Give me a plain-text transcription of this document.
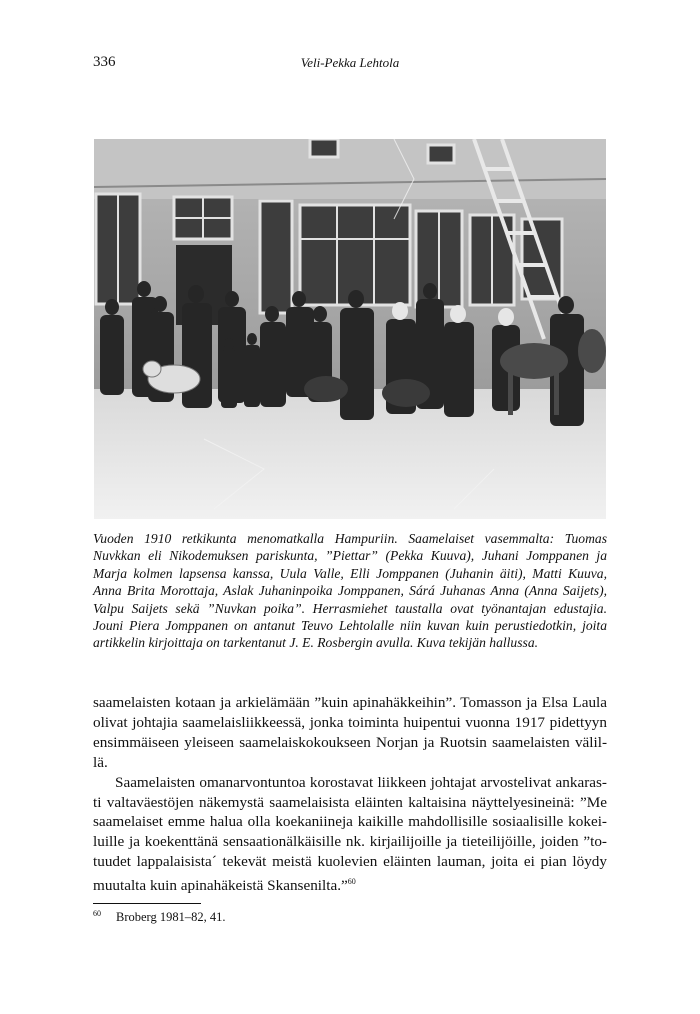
336	Veli-Pekka Lehtola
Vuoden 1910 retkikunta menomatkalla Hampuriin. Saamelaiset vasemmalta: Tuomas
Nuvkkan eli Nikodemuksen pariskunta, ”Piettar” (Pekka Kuuva), Juhani Jomppanen ja
Marja kolmen lapsensa kanssa, Uula Valle, Elli Jomppanen (Juhanin äiti), Matti Kuuva,
Anna Brita Morottaja, Aslak Juhaninpoika Jomppanen, Sárá Juhanas Anna (Anna Saijets),
Valpu Saijets sekä ”Nuvkan poika”. Herrasmiehet taustalla ovat työnantajan edustajia.
Jouni Piera Jomppanen on antanut Teuvo Lehtolalle niin kuvan kuin perustiedotkin, joita
artikkelin kirjoittaja on tarkentanut J. E. Rosbergin avulla. Kuva tekijän hallussa.
saamelaisten kotaan ja arkielämään ”kuin apinahäkkeihin”. Tomasson ja Elsa Laula
olivat johtajia saamelaisliikkeessä, jonka toiminta huipentui vuonna 1917 pidettyyn
ensimmäiseen yleiseen saamelaiskokoukseen Norjan ja Ruotsin saamelaisten välil-
lä.
Saamelaisten omanarvontuntoa korostavat liikkeen johtajat arvostelivat ankaras-
ti valtaväestöjen näkemystä saamelaisista eläinten kaltaisina näyttelyesineinä: ”Me
saamelaiset emme halua olla koekaniineja kaikille mahdollisille sosiaalisille kokei-
luille ja koekenttänä sensaationälkäisille nk. kirjailijoille ja tieteilijöille, joiden ”to-
tuudet lappalaisista´ tekevät meistä kuolevien eläinten lauman, joita ei pian löydy
muutalta kuin apinahäkeistä Skansenilta.”$^{60}$
60 Broberg 1981–82, 41.
